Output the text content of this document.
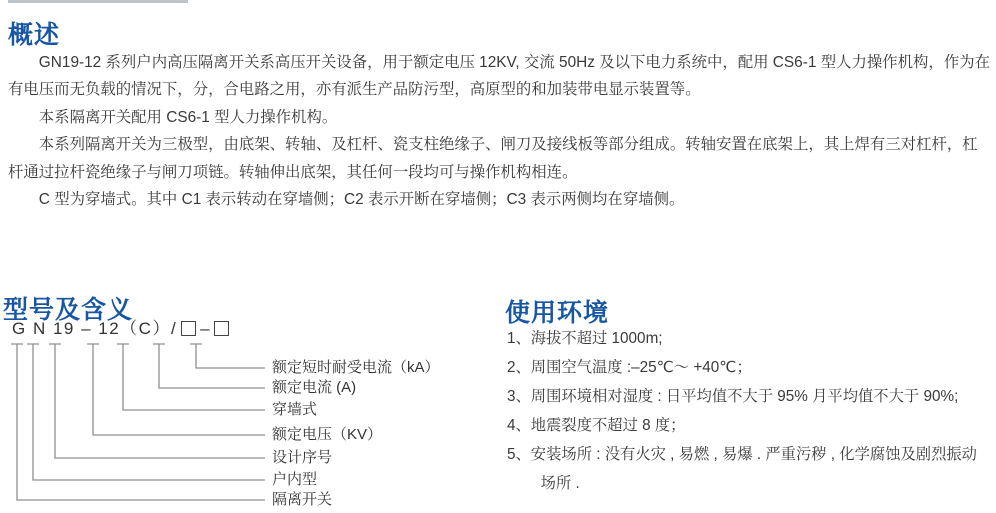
概述

GN19-12 系列户内高压隔离开关系高压开关设备，用于额定电压 12KV, 交流 50Hz 及以下电力系统中，配用 CS6-1 型人力操作机构，作为在有电压而无负载的情况下，分，合电路之用，亦有派生产品防污型，高原型的和加装带电显示装置等。

本系隔离开关配用 CS6-1 型人力操作机构。

本系列隔离开关为三极型，由底架、转轴、及杠杆、瓷支柱绝缘子、闸刀及接线板等部分组成。转轴安置在底架上，其上焊有三对杠杆，杠杆通过拉杆瓷绝缘子与闸刀项链。转轴伸出底架，其任何一段均可与操作机构相连。

C 型为穿墙式。其中 C1 表示转动在穿墙侧；C2 表示开断在穿墙侧；C3 表示两侧均在穿墙侧。

型号及含义
G N 19 – 12（C）/ –
额定短时耐受电流（kA）
额定电流 (A)
穿墙式
额定电压（KV）
设计序号
户内型
隔离开关
使用环境

1、海拔不超过 1000m;

2、周围空气温度 :–25℃～ +40℃；

3、周围环境相对湿度 : 日平均值不大于 95% 月平均值不大于 90%;

4、地震裂度不超过 8 度；

5、安装场所 : 没有火灾 , 易燃 , 易爆 . 严重污秽 , 化学腐蚀及剧烈振动场所 .
